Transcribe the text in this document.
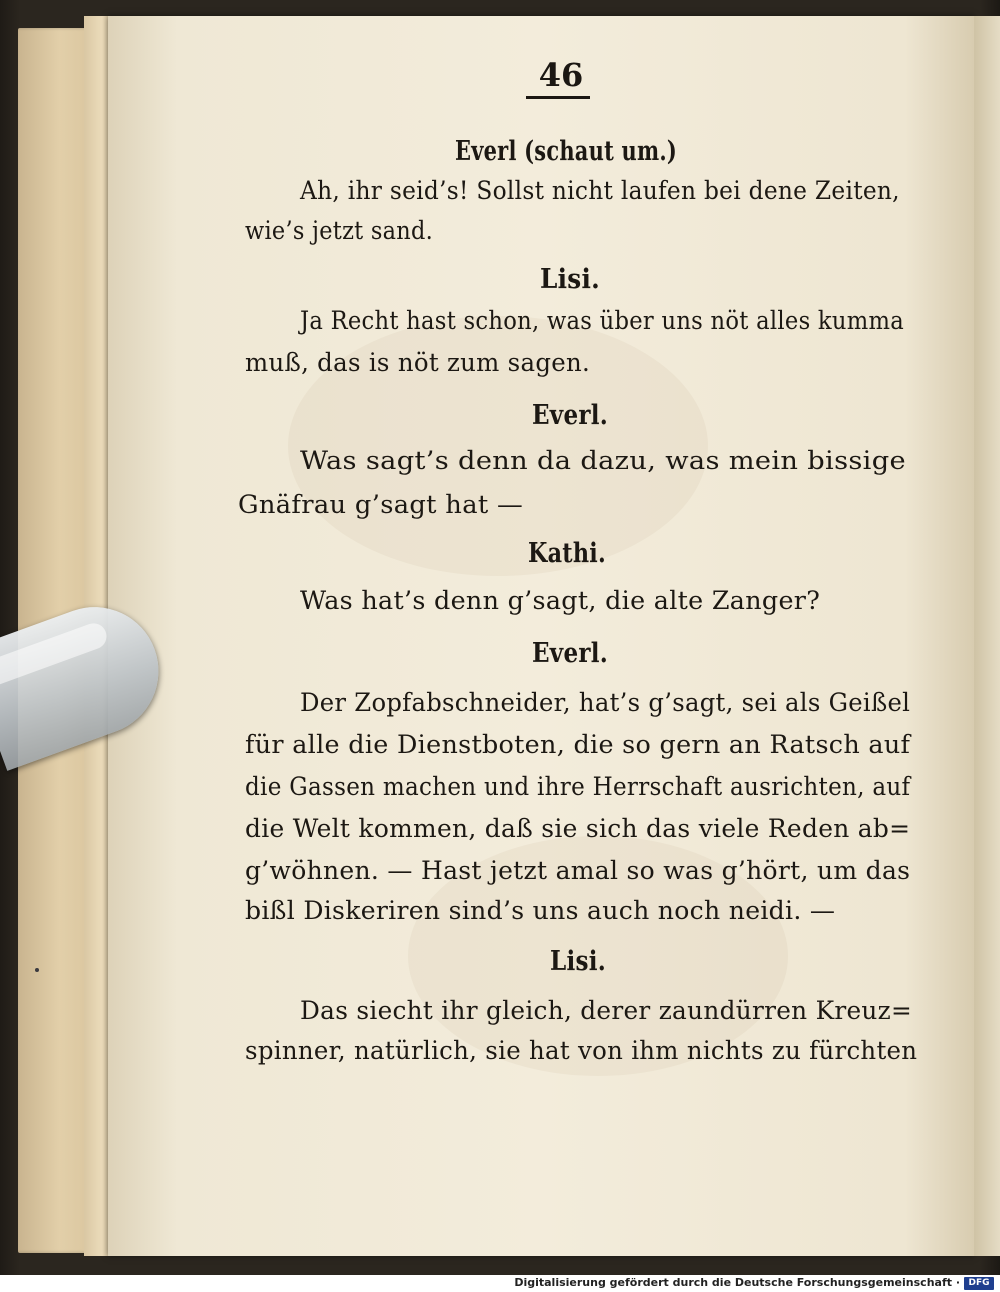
46
Everl (schaut um.)
Ah, ihr seid’s! Sollst nicht laufen bei dene Zeiten,
wie’s jetzt sand.
Lisi.
Ja Recht hast schon, was über uns nöt alles kumma
muß, das is nöt zum sagen.
Everl.
Was sagt’s denn da dazu, was mein bissige
Gnäfrau g’sagt hat —
Kathi.
Was hat’s denn g’sagt, die alte Zanger?
Everl.
Der Zopfabschneider, hat’s g’sagt, sei als Geißel
für alle die Dienstboten, die so gern an Ratsch auf
die Gassen machen und ihre Herrschaft ausrichten, auf
die Welt kommen, daß sie sich das viele Reden ab=
g’wöhnen. — Hast jetzt amal so was g’hört, um das
bißl Diskeriren sind’s uns auch noch neidi. —
Lisi.
Das siecht ihr gleich, derer zaundürren Kreuz=
spinner, natürlich, sie hat von ihm nichts zu fürchten
Digitalisierung gefördert durch die Deutsche Forschungsgemeinschaft · DFG
